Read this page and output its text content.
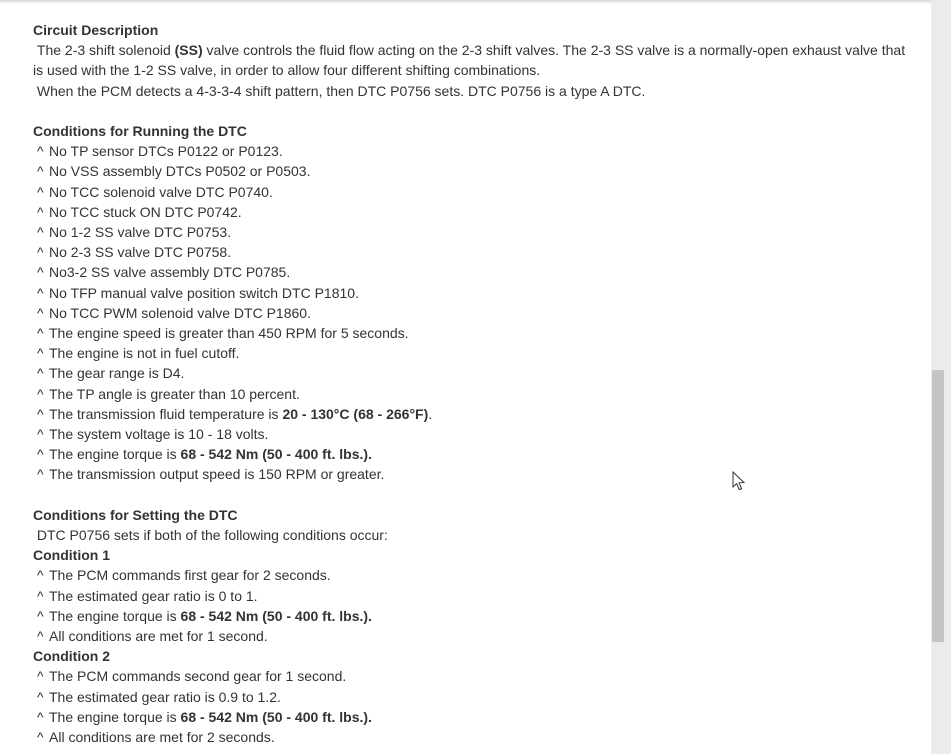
Circuit Description
The 2-3 shift solenoid (SS) valve controls the fluid flow acting on the 2-3 shift valves. The 2-3 SS valve is a normally-open exhaust valve that is used with the 1-2 SS valve, in order to allow four different shifting combinations.
When the PCM detects a 4-3-3-4 shift pattern, then DTC P0756 sets. DTC P0756 is a type A DTC.
Conditions for Running the DTC
^ No TP sensor DTCs P0122 or P0123.
^ No VSS assembly DTCs P0502 or P0503.
^ No TCC solenoid valve DTC P0740.
^ No TCC stuck ON DTC P0742.
^ No 1-2 SS valve DTC P0753.
^ No 2-3 SS valve DTC P0758.
^ No3-2 SS valve assembly DTC P0785.
^ No TFP manual valve position switch DTC P1810.
^ No TCC PWM solenoid valve DTC P1860.
^ The engine speed is greater than 450 RPM for 5 seconds.
^ The engine is not in fuel cutoff.
^ The gear range is D4.
^ The TP angle is greater than 10 percent.
^ The transmission fluid temperature is 20 - 130°C (68 - 266°F) .
^ The system voltage is 10 - 18 volts.
^ The engine torque is 68 - 542 Nm (50 - 400 ft. lbs.).
^ The transmission output speed is 150 RPM or greater.
Conditions for Setting the DTC
DTC P0756 sets if both of the following conditions occur:
Condition 1
^ The PCM commands first gear for 2 seconds.
^ The estimated gear ratio is 0 to 1.
^ The engine torque is 68 - 542 Nm (50 - 400 ft. lbs.).
^ All conditions are met for 1 second.
Condition 2
^ The PCM commands second gear for 1 second.
^ The estimated gear ratio is 0.9 to 1.2.
^ The engine torque is 68 - 542 Nm (50 - 400 ft. lbs.).
^ All conditions are met for 2 seconds.
